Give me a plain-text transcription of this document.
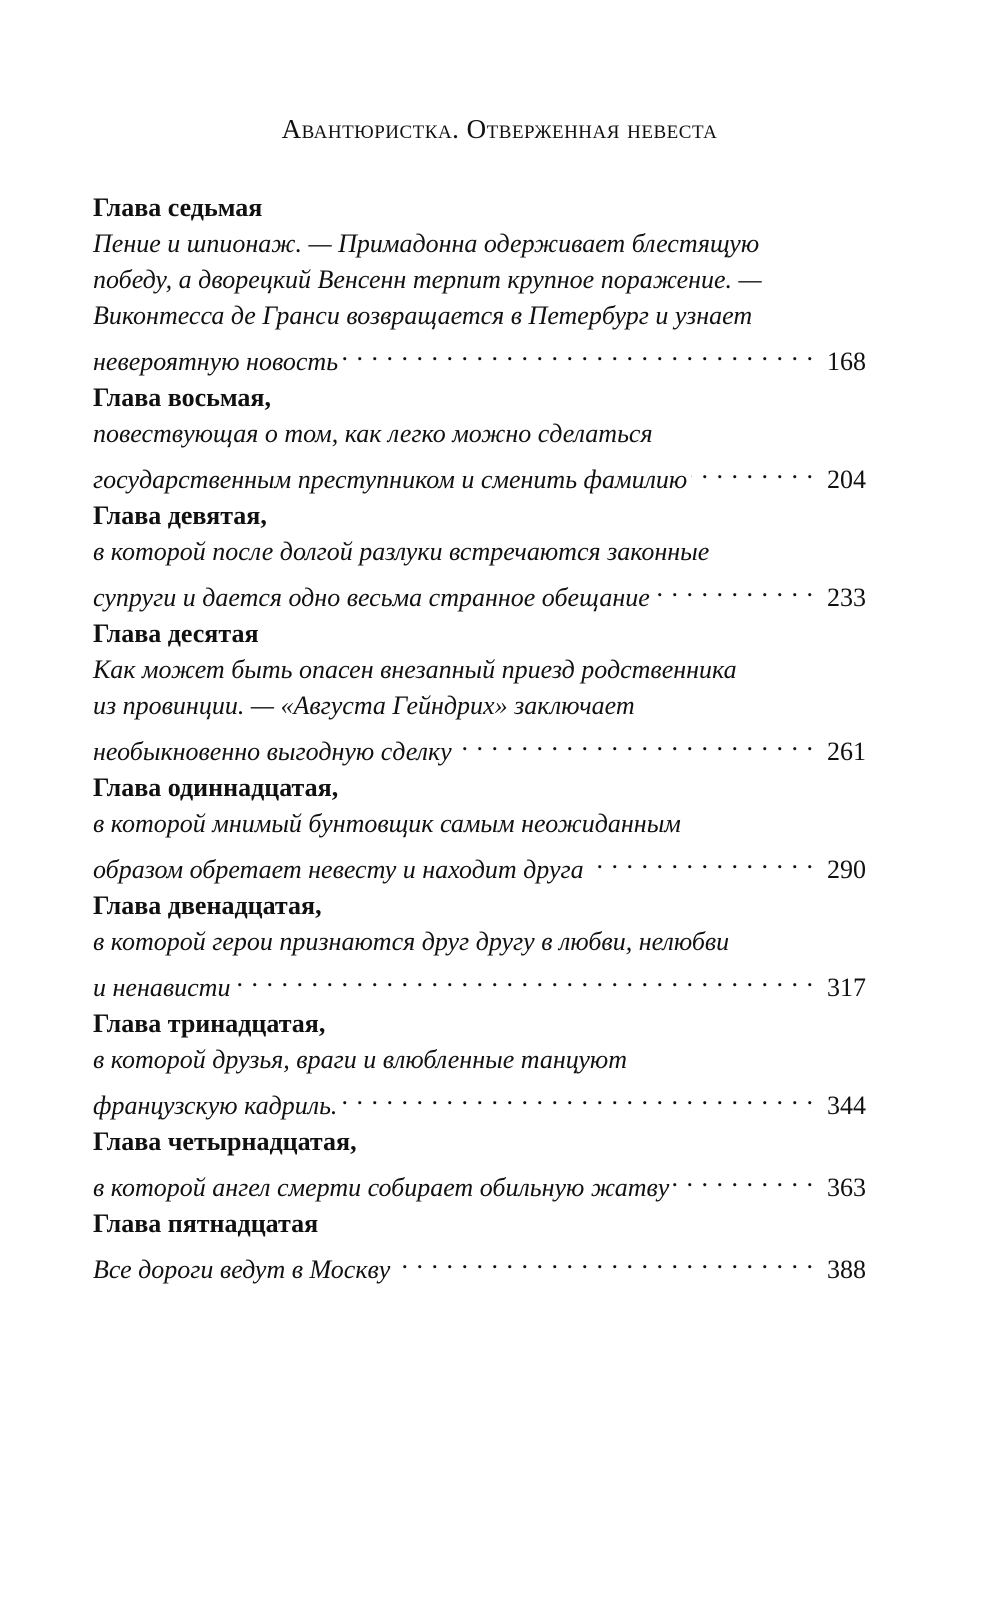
Авантюристка. Отверженная невеста
Глава седьмая
Пение и шпионаж. — Примадонна одерживает блестящую
победу, а дворецкий Венсенн терпит крупное поражение. —
Виконтесса де Гранси возвращается в Петербург и узнает
невероятную новость . . .	168
Глава восьмая,
повествующая о том, как легко можно сделаться
государственным преступником и сменить фамилию . . .	204
Глава девятая,
в которой после долгой разлуки встречаются законные
супруги и дается одно весьма странное обещание . . .	233
Глава десятая
Как может быть опасен внезапный приезд родственника
из провинции. — «Августа Гейндрих» заключает
необыкновенно выгодную сделку . . .	261
Глава одиннадцатая,
в которой мнимый бунтовщик самым неожиданным
образом обретает невесту и находит друга . . .	290
Глава двенадцатая,
в которой герои признаются друг другу в любви, нелюбви
и ненависти . . .	317
Глава тринадцатая,
в которой друзья, враги и влюбленные танцуют
французскую кадриль. . . .	344
Глава четырнадцатая,
в которой ангел смерти собирает обильную жатву . . .	363
Глава пятнадцатая
Все дороги ведут в Москву . . .	388
